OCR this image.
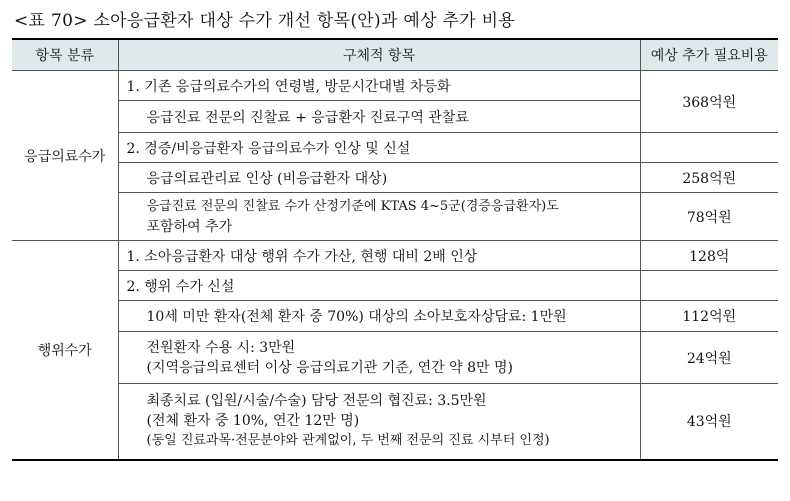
<표 70> 소아응급환자 대상 수가 개선 항목(안)과 예상 추가 비용
항목 분류	구체적 항목	예상 추가 필요비용
응급의료수가	1. 기존 응급의료수가의 연령별, 방문시간대별 차등화	368억원
	응급진료 전문의 진찰료 + 응급환자 진료구역 관찰료	
	2. 경증/비응급환자 응급의료수가 인상 및 신설	
	응급의료관리료 인상 (비응급환자 대상)	258억원

	응급진료 전문의 진찰료 수가 산정기준에 KTAS 4~5군(경증응급환자)도
포함하여 추가	78억원
행위수가	1. 소아응급환자 대상 행위 수가 가산, 현행 대비 2배 인상	128억
	2. 행위 수가 신설	
	10세 미만 환자(전체 환자 중 70%) 대상의 소아보호자상담료: 1만원	112억원

	전원환자 수용 시: 3만원
(지역응급의료센터 이상 응급의료기관 기준, 연간 약 8만 명)	24억원

	최종치료 (입원/시술/수술) 담당 전문의 협진료: 3.5만원
(전체 환자 중 10%, 연간 12만 명)
(동일 진료과목·전문분야와 관계없이, 두 번째 전문의 진료 시부터 인정)	43억원
